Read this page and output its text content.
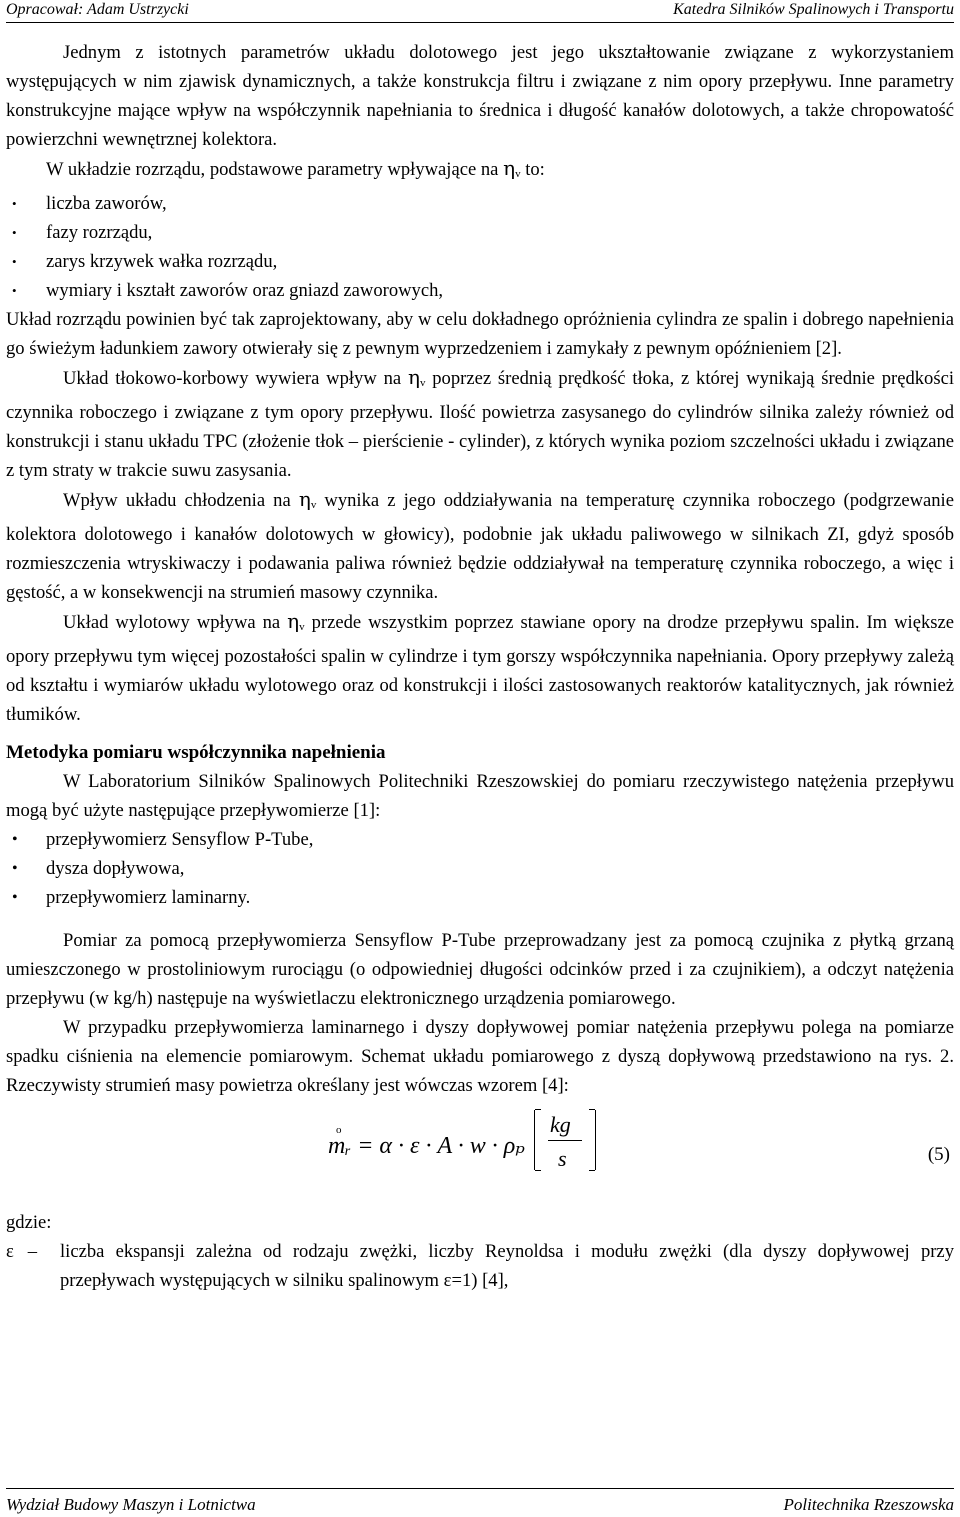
Opracował: Adam Ustrzycki	Katedra Silników Spalinowych i Transportu

Jednym z istotnych parametrów układu dolotowego jest jego ukształtowanie związane z wykorzystaniem występujących w nim zjawisk dynamicznych, a także konstrukcja filtru i związane z nim opory przepływu. Inne parametry konstrukcyjne mające wpływ na współczynnik napełniania to średnica i długość kanałów dolotowych, a także chropowatość powierzchni wewnętrznej kolektora.

W układzie rozrządu, podstawowe parametry wpływające na $\eta_v$ to:

• liczba zaworów,
• fazy rozrządu,
• zarys krzywek wałka rozrządu,
• wymiary i kształt zaworów oraz gniazd zaworowych,

Układ rozrządu powinien być tak zaprojektowany, aby w celu dokładnego opróżnienia cylindra ze spalin i dobrego napełnienia go świeżym ładunkiem zawory otwierały się z pewnym wyprzedzeniem i zamykały z pewnym opóźnieniem [2].

Układ tłokowo-korbowy wywiera wpływ na $\eta_v$ poprzez średnią prędkość tłoka, z której wynikają średnie prędkości czynnika roboczego i związane z tym opory przepływu. Ilość powietrza zasysanego do cylindrów silnika zależy również od konstrukcji i stanu układu TPC (złożenie tłok – pierścienie - cylinder), z których wynika poziom szczelności układu i związane z tym straty w trakcie suwu zasysania.

Wpływ układu chłodzenia na $\eta_v$ wynika z jego oddziaływania na temperaturę czynnika roboczego (podgrzewanie kolektora dolotowego i kanałów dolotowych w głowicy), podobnie jak układu paliwowego w silnikach ZI, gdyż sposób rozmieszczenia wtryskiwaczy i podawania paliwa również będzie oddziaływał na temperaturę czynnika roboczego, a więc i gęstość, a w konsekwencji na strumień masowy czynnika.

Układ wylotowy wpływa na $\eta_v$ przede wszystkim poprzez stawiane opory na drodze przepływu spalin. Im większe opory przepływu tym więcej pozostałości spalin w cylindrze i tym gorszy współczynnika napełniania. Opory przepływy zależą od kształtu i wymiarów układu wylotowego oraz od konstrukcji i ilości zastosowanych reaktorów katalitycznych, jak również tłumików.

Metodyka pomiaru współczynnika napełnienia

W Laboratorium Silników Spalinowych Politechniki Rzeszowskiej do pomiaru rzeczywistego natężenia przepływu mogą być użyte następujące przepływomierze [1]:

• przepływomierz Sensyflow P-Tube,
• dysza dopływowa,
• przepływomierz laminarny.

Pomiar za pomocą przepływomierza Sensyflow P-Tube przeprowadzany jest za pomocą czujnika z płytką grzaną umieszczonego w prostoliniowym rurociągu (o odpowiedniej długości odcinków przed i za czujnikiem), a odczyt natężenia przepływu (w kg/h) następuje na wyświetlaczu elektronicznego urządzenia pomiarowego.

W przypadku przepływomierza laminarnego i dyszy dopływowej pomiar natężenia przepływu polega na pomiarze spadku ciśnienia na elemencie pomiarowym. Schemat układu pomiarowego z dyszą dopływową przedstawiono na rys. 2. Rzeczywisty strumień masy powietrza określany jest wówczas wzorem [4]:

o
mᵣ = α · ε · A · w · ρₚ
kg
s	(5)

gdzie:

ε – liczba ekspansji zależna od rodzaju zwężki, liczby Reynoldsa i modułu zwężki (dla dyszy dopływowej przy przepływach występujących w silniku spalinowym ε=1) [4],

Wydział Budowy Maszyn i Lotnictwa	Politechnika Rzeszowska
